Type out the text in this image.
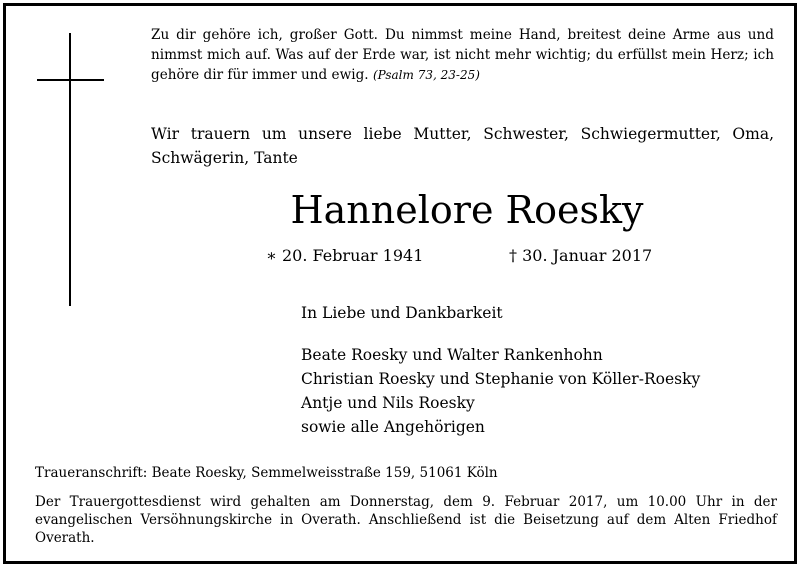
Zu dir gehöre ich, großer Gott. Du nimmst meine Hand, breitest deine Arme aus und nimmst mich auf. Was auf der Erde war, ist nicht mehr wichtig; du erfüllst mein Herz; ich gehöre dir für immer und ewig. (Psalm 73, 23-25)

Wir trauern um unsere liebe Mutter, Schwester, Schwiegermutter, Oma, Schwägerin, Tante

Hannelore Roesky
∗ 20. Februar 1941	† 30. Januar 2017
In Liebe und Dankbarkeit
Beate Roesky und Walter Rankenhohn
Christian Roesky und Stephanie von Köller-Roesky
Antje und Nils Roesky
sowie alle Angehörigen
Traueranschrift: Beate Roesky, Semmelweisstraße 159, 51061 Köln

Der Trauergottesdienst wird gehalten am Donnerstag, dem 9. Februar 2017, um 10.00 Uhr in der evangelischen Versöhnungskirche in Overath. Anschließend ist die Beisetzung auf dem Alten Friedhof Overath.
